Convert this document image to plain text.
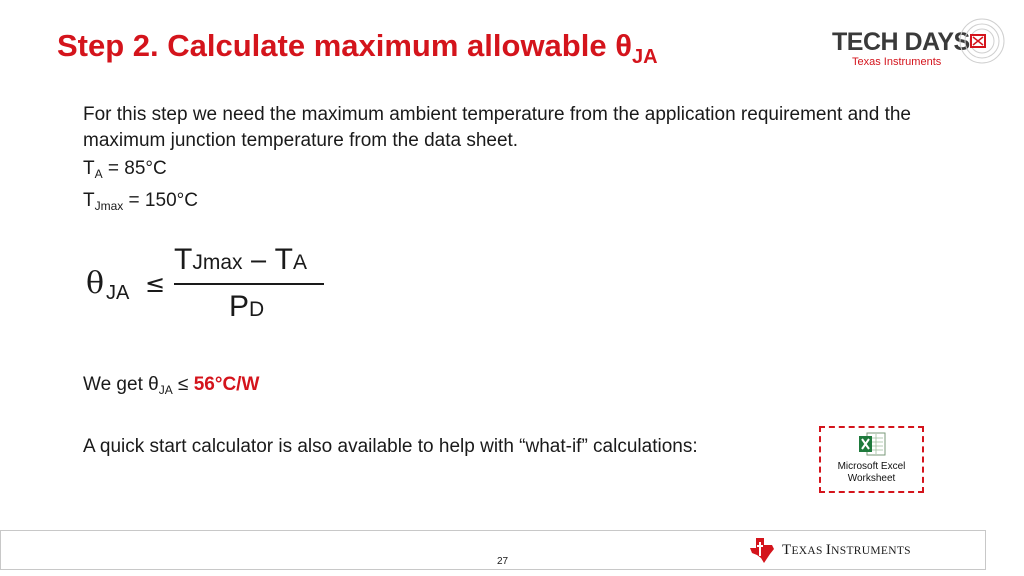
Step 2. Calculate maximum allowable $\theta_{JA}$
TECH DAYS
Texas Instruments
For this step we need the maximum ambient temperature from the application requirement and the maximum junction temperature from the data sheet.
$T_A = 85^\circ C$
$T_{Jmax} = 150^\circ C$
θ JA ≤
TJmax − TA
PD
We get $\theta_{JA} \le 56^\circ C/W$
A quick start calculator is also available to help with “what-if” calculations:
Microsoft Excel
Worksheet
27
TEXAS INSTRUMENTS
